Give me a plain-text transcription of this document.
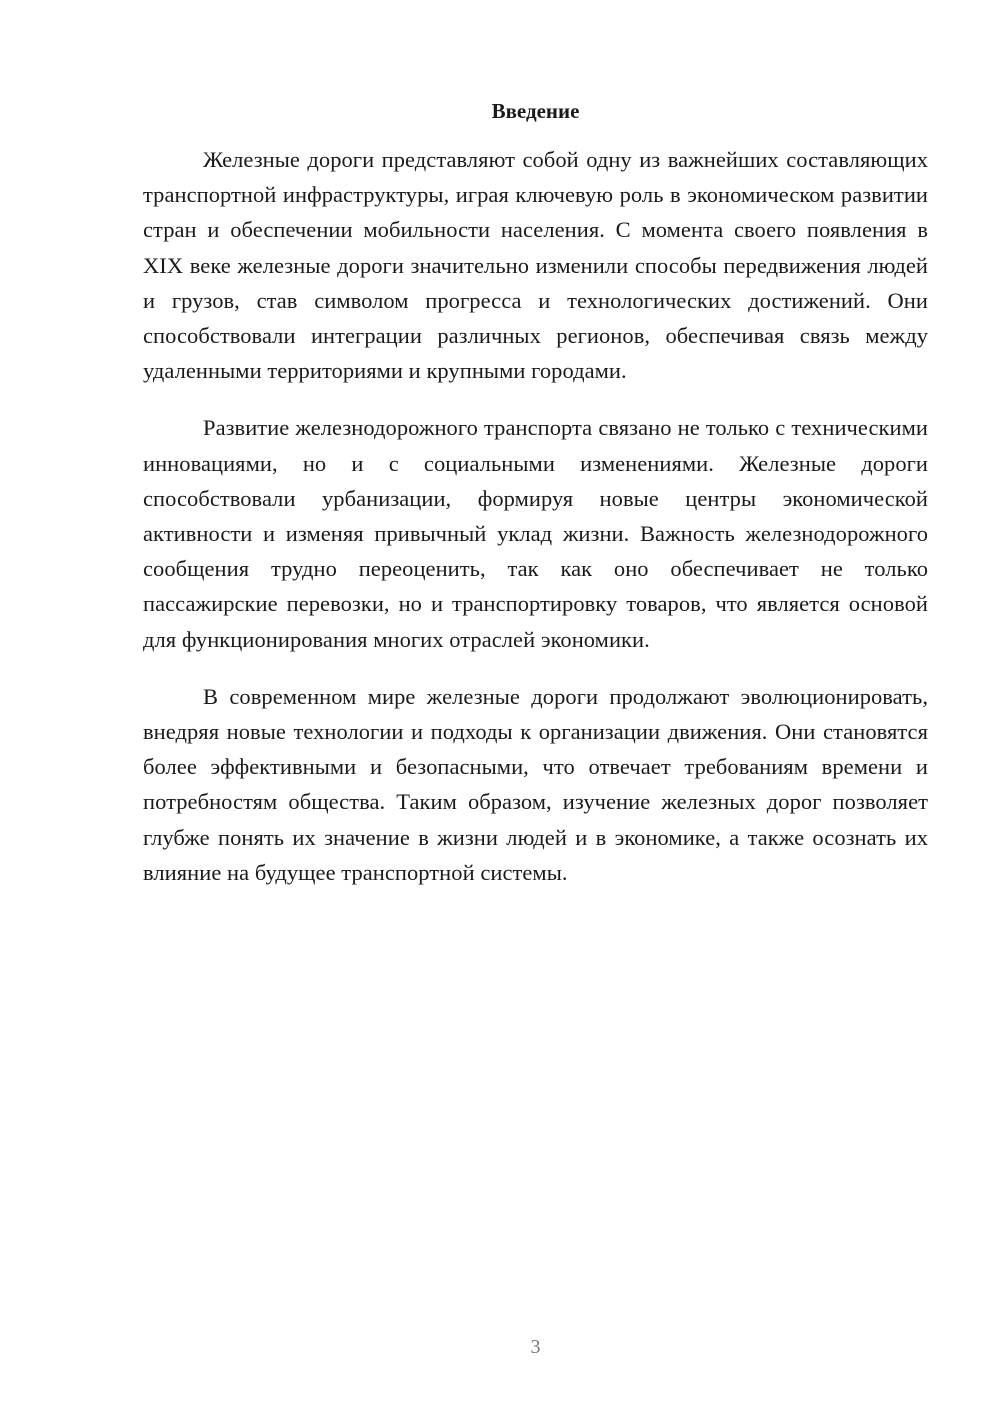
Введение

Железные дороги представляют собой одну из важнейших составляющих транспортной инфраструктуры, играя ключевую роль в экономическом развитии стран и обеспечении мобильности населения. С момента своего появления в XIX веке железные дороги значительно изменили способы передвижения людей и грузов, став символом прогресса и технологических достижений. Они способствовали интеграции различных регионов, обеспечивая связь между удаленными территориями и крупными городами.

Развитие железнодорожного транспорта связано не только с техническими инновациями, но и с социальными изменениями. Железные дороги способствовали урбанизации, формируя новые центры экономической активности и изменяя привычный уклад жизни. Важность железнодорожного сообщения трудно переоценить, так как оно обеспечивает не только пассажирские перевозки, но и транспортировку товаров, что является основой для функционирования многих отраслей экономики.

В современном мире железные дороги продолжают эволюционировать, внедряя новые технологии и подходы к организации движения. Они становятся более эффективными и безопасными, что отвечает требованиям времени и потребностям общества. Таким образом, изучение железных дорог позволяет глубже понять их значение в жизни людей и в экономике, а также осознать их влияние на будущее транспортной системы.

3
